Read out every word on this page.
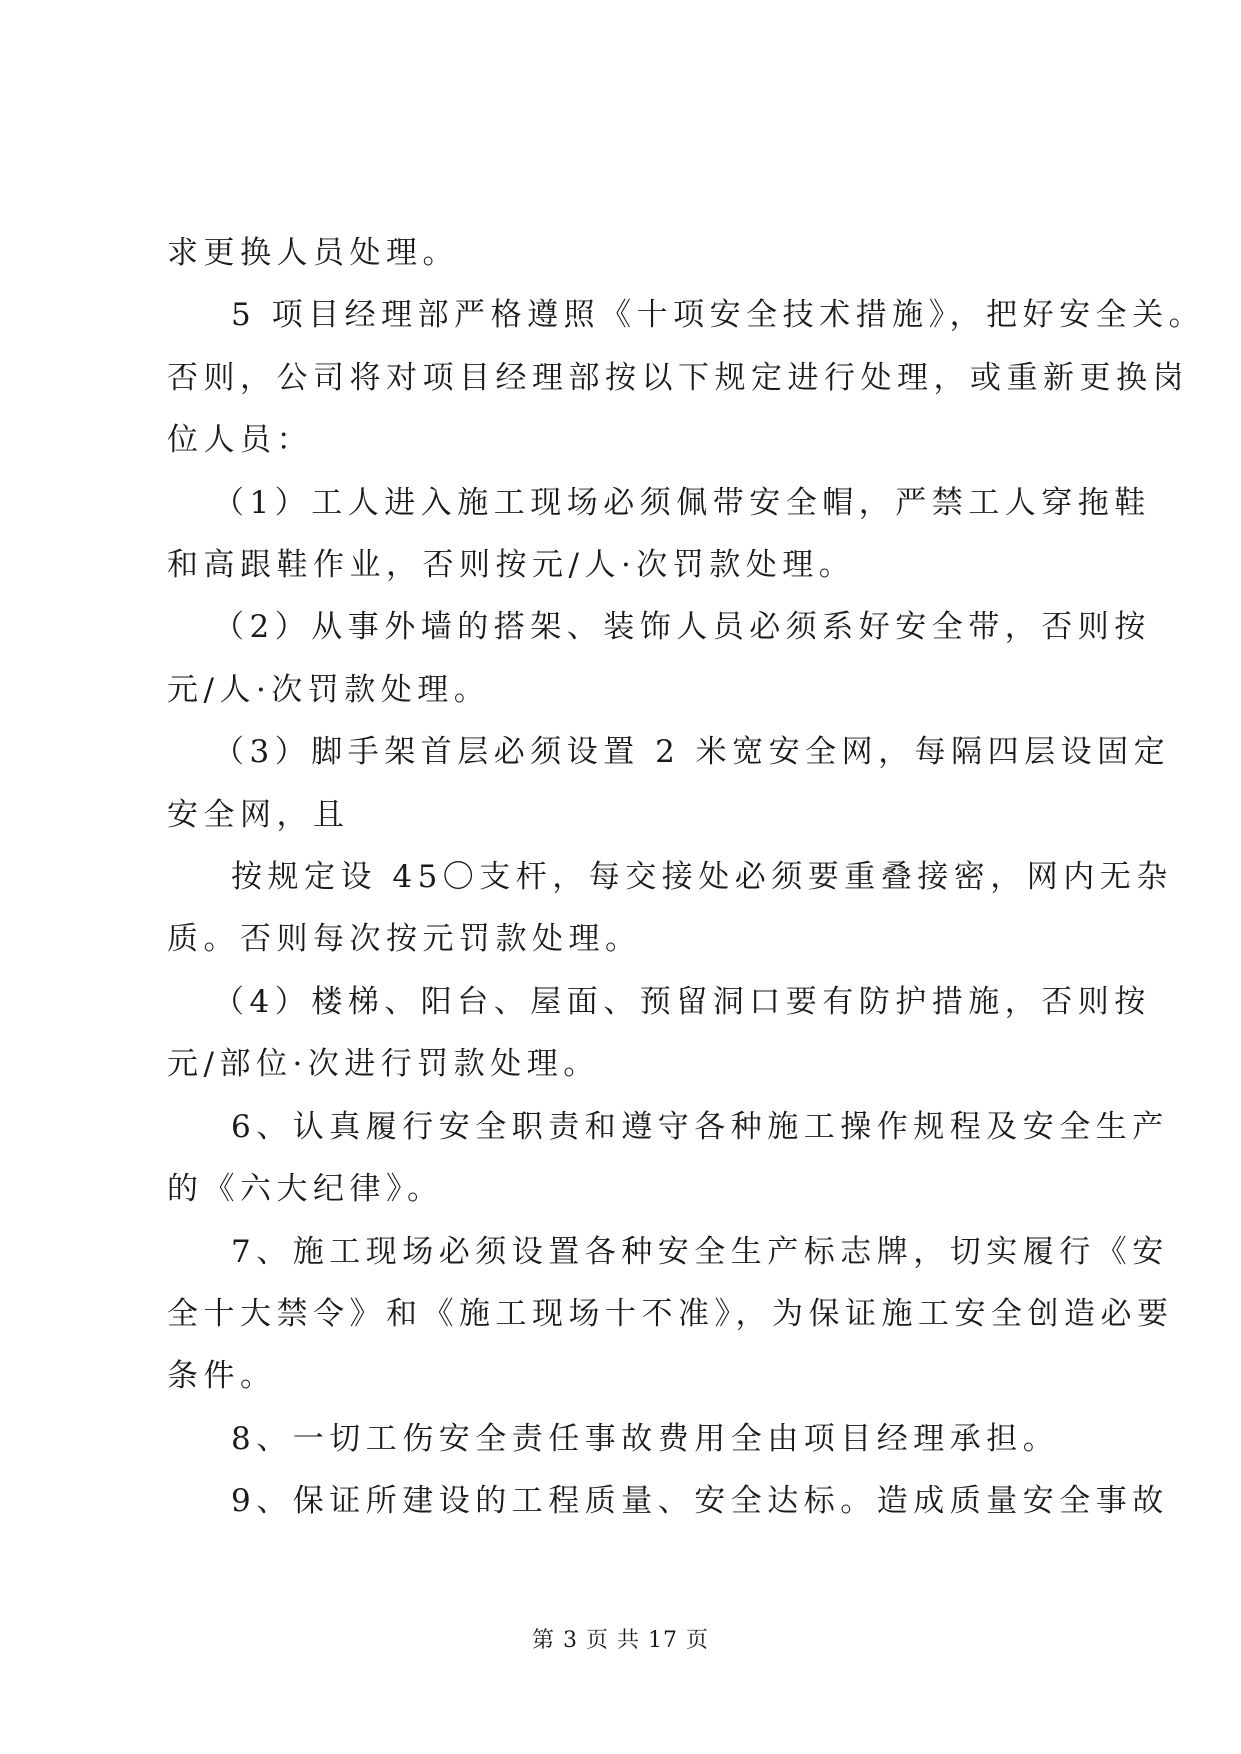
求更换人员处理。
5 项目经理部严格遵照《十项安全技术措施》，把好安全关。
否则，公司将对项目经理部按以下规定进行处理，或重新更换岗
位人员：
（1）工人进入施工现场必须佩带安全帽，严禁工人穿拖鞋
和高跟鞋作业，否则按元/人·次罚款处理。
（2）从事外墙的搭架、装饰人员必须系好安全带，否则按
元/人·次罚款处理。
（3）脚手架首层必须设置 2 米宽安全网，每隔四层设固定
安全网，且
按规定设 45〇支杆，每交接处必须要重叠接密，网内无杂
质。否则每次按元罚款处理。
（4）楼梯、阳台、屋面、预留洞口要有防护措施，否则按
元/部位·次进行罚款处理。
6、认真履行安全职责和遵守各种施工操作规程及安全生产
的《六大纪律》。
7、施工现场必须设置各种安全生产标志牌，切实履行《安
全十大禁令》和《施工现场十不准》，为保证施工安全创造必要
条件。
8、一切工伤安全责任事故费用全由项目经理承担。
9、保证所建设的工程质量、安全达标。造成质量安全事故
第 3 页 共 17 页
